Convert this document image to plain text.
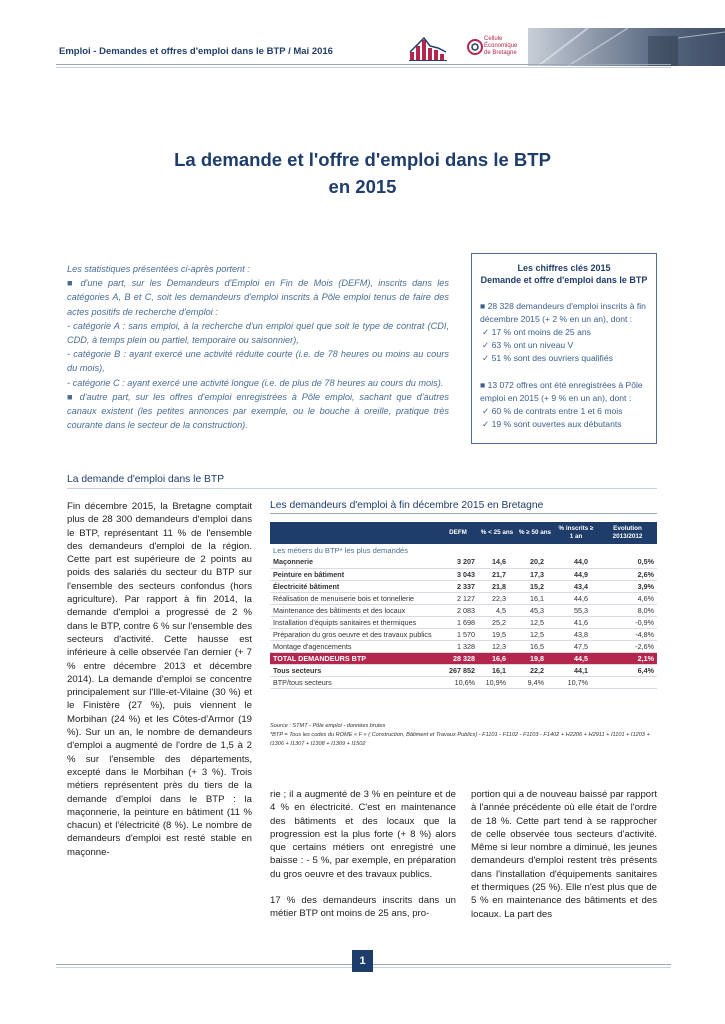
Emploi - Demandes et offres d'emploi dans le BTP / Mai 2016
Cellule
Économique
de Bretagne
La demande et l'offre d'emploi dans le BTP
en 2015

Les statistiques présentées ci-après portent :

■ d'une part, sur les Demandeurs d'Emploi en Fin de Mois (DEFM), inscrits dans les catégories A, B et C, soit les demandeurs d'emploi inscrits à Pôle emploi tenus de faire des actes positifs de recherche d'emploi :

- catégorie A : sans emploi, à la recherche d'un emploi quel que soit le type de contrat (CDI, CDD, à temps plein ou partiel, temporaire ou saisonnier),

- catégorie B : ayant exercé une activité réduite courte (i.e. de 78 heures ou moins au cours du mois),

- catégorie C : ayant exercé une activité longue (i.e. de plus de 78 heures au cours du mois).

■ d'autre part, sur les offres d'emploi enregistrées à Pôle emploi, sachant que d'autres canaux existent (les petites annonces par exemple, ou le bouche à oreille, pratique très courante dans le secteur de la construction).

Les chiffres clés 2015
Demande et offre d'emploi dans le BTP
■ 28 328 demandeurs d'emploi inscrits à fin décembre 2015 (+ 2 % en un an), dont :
✓ 17 % ont moins de 25 ans
✓ 63 % ont un niveau V
✓ 51 % sont des ouvriers qualifiés
■ 13 072 offres ont été enregistrées à Pôle emploi en 2015 (+ 9 % en un an), dont :
✓ 60 % de contrats entre 1 et 6 mois
✓ 19 % sont ouvertes aux débutants
La demande d'emploi dans le BTP
Fin décembre 2015, la Bretagne comptait plus de 28 300 demandeurs d'emploi dans le BTP, représentant 11 % de l'ensemble des demandeurs d'emploi de la région. Cette part est supérieure de 2 points au poids des salariés du secteur du BTP sur l'ensemble des secteurs confondus (hors agriculture). Par rapport à fin 2014, la demande d'emploi a progressé de 2 % dans le BTP, contre 6 % sur l'ensemble des secteurs d'activité. Cette hausse est inférieure à celle observée l'an dernier (+ 7 % entre décembre 2013 et décembre 2014). La demande d'emploi se concentre principalement sur l'Ille-et-Vilaine (30 %) et le Finistère (27 %), puis viennent le Morbihan (24 %) et les Côtes-d'Armor (19 %). Sur un an, le nombre de demandeurs d'emploi a augmenté de l'ordre de 1,5 à 2 % sur l'ensemble des départements, excepté dans le Morbihan (+ 3 %). Trois métiers représentent près du tiers de la demande d'emploi dans le BTP : la maçonnerie, la peinture en bâtiment (11 % chacun) et l'électricité (8 %). Le nombre de demandeurs d'emploi est resté stable en maçonne-
Les demandeurs d'emploi à fin décembre 2015 en Bretagne
	DEFM	% < 25 ans	% ≥ 50 ans	% inscrits ≥ 1 an	Evolution 2013/2012
Les métiers du BTP* les plus demandés					
Maçonnerie	3 207	14,6	20,2	44,0	0,5%
Peinture en bâtiment	3 043	21,7	17,3	44,9	2,6%
Électricité bâtiment	2 337	21,8	15,2	43,4	3,9%
Réalisation de menuiserie bois et tonnellerie	2 127	22,3	16,1	44,6	4,6%
Maintenance des bâtiments et des locaux	2 083	4,5	45,3	55,3	8,0%
Installation d'équipts sanitaires et thermiques	1 698	25,2	12,5	41,6	-0,9%
Préparation du gros oeuvre et des travaux publics	1 570	19,5	12,5	43,8	-4,8%
Montage d'agencements	1 328	12,3	16,5	47,5	-2,6%
TOTAL DEMANDEURS BTP	28 328	16,6	19,8	44,5	2,1%
Tous secteurs	267 852	16,1	22,2	44,1	6,4%
BTP/tous secteurs	10,6%	10,9%	9,4%	10,7%	
Source : STMT - Pôle emploi - données brutes
*BTP = Tous les codes du ROME « F » ( Construction, Bâtiment et Travaux Publics) - F1101 - F1102 - F1103 - F1402 + H2206 + H2911 + I1101 + I1203 + I1306 + I1307 + I1308 + I1309 + I1502

rie ; il a augmenté de 3 % en peinture et de 4 % en électricité. C'est en maintenance des bâtiments et des locaux que la progression est la plus forte (+ 8 %) alors que certains métiers ont enregistré une baisse : - 5 %, par exemple, en préparation du gros oeuvre et des travaux publics.

17 % des demandeurs inscrits dans un métier BTP ont moins de 25 ans, pro-

portion qui a de nouveau baissé par rapport à l'année précédente où elle était de l'ordre de 18 %. Cette part tend à se rapprocher de celle observée tous secteurs d'activité. Même si leur nombre a diminué, les jeunes demandeurs d'emploi restent très présents dans l'installation d'équipements sanitaires et thermiques (25 %). Elle n'est plus que de 5 % en maintenance des bâtiments et des locaux. La part des
1
